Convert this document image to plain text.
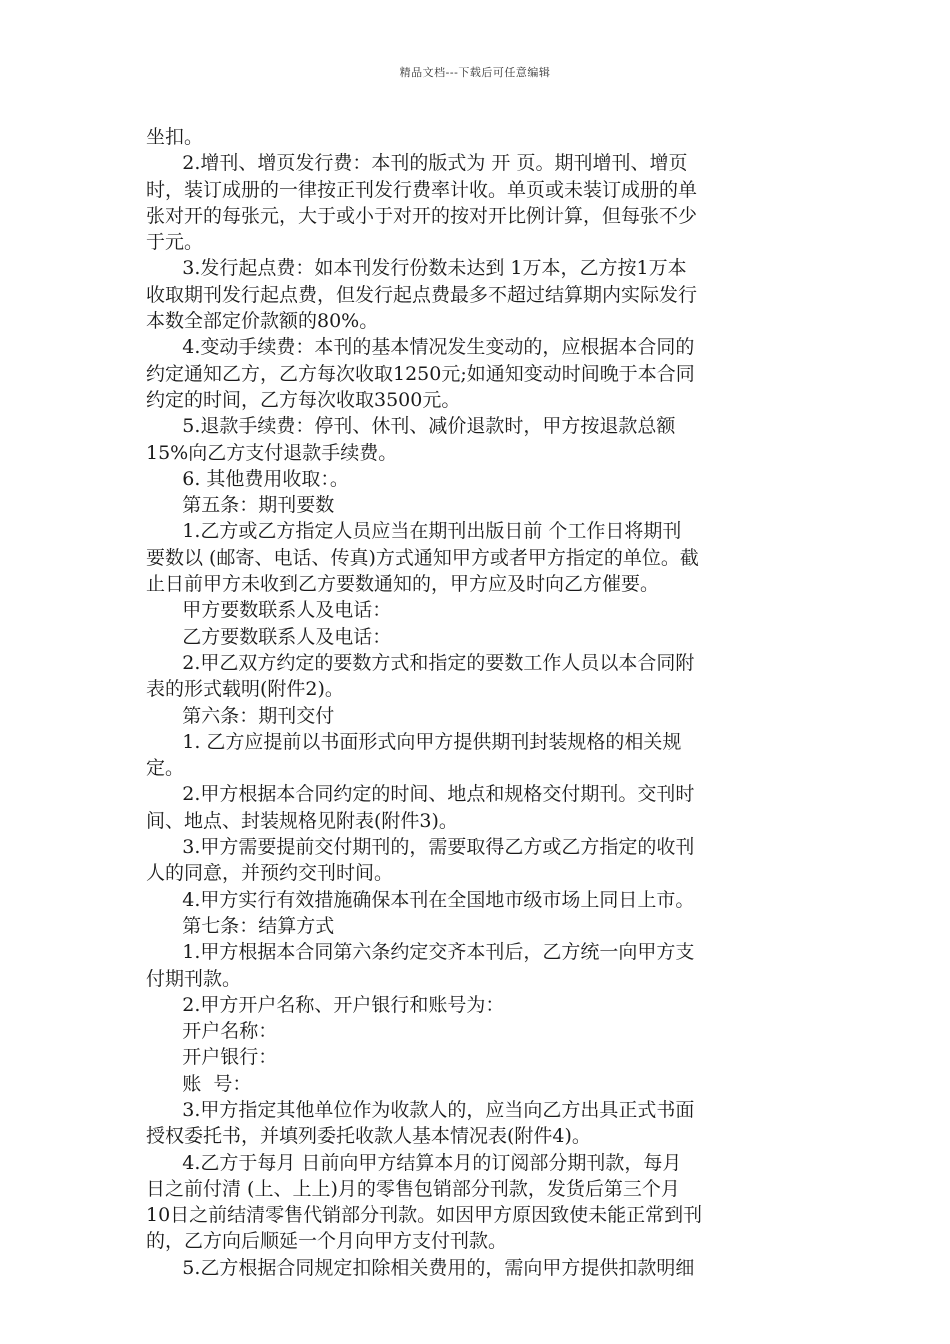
精品文档---下载后可任意编辑
坐扣。
2.增刊、增页发行费：本刊的版式为 开 页。期刊增刊、增页
时，装订成册的一律按正刊发行费率计收。单页或未装订成册的单
张对开的每张元，大于或小于对开的按对开比例计算，但每张不少
于元。
3.发行起点费：如本刊发行份数未达到 1万本，乙方按1万本
收取期刊发行起点费，但发行起点费最多不超过结算期内实际发行
本数全部定价款额的80%。
4.变动手续费：本刊的基本情况发生变动的，应根据本合同的
约定通知乙方，乙方每次收取1250元;如通知变动时间晚于本合同
约定的时间，乙方每次收取3500元。
5.退款手续费：停刊、休刊、减价退款时，甲方按退款总额
15%向乙方支付退款手续费。
6. 其他费用收取：。
第五条：期刊要数
1.乙方或乙方指定人员应当在期刊出版日前 个工作日将期刊
要数以 (邮寄、电话、传真)方式通知甲方或者甲方指定的单位。截
止日前甲方未收到乙方要数通知的，甲方应及时向乙方催要。
甲方要数联系人及电话：
乙方要数联系人及电话：
2.甲乙双方约定的要数方式和指定的要数工作人员以本合同附
表的形式载明(附件2)。
第六条：期刊交付
1. 乙方应提前以书面形式向甲方提供期刊封装规格的相关规
定。
2.甲方根据本合同约定的时间、地点和规格交付期刊。交刊时
间、地点、封装规格见附表(附件3)。
3.甲方需要提前交付期刊的，需要取得乙方或乙方指定的收刊
人的同意，并预约交刊时间。
4.甲方实行有效措施确保本刊在全国地市级市场上同日上市。
第七条：结算方式
1.甲方根据本合同第六条约定交齐本刊后，乙方统一向甲方支
付期刊款。
2.甲方开户名称、开户银行和账号为：
开户名称：
开户银行：
账  号：
3.甲方指定其他单位作为收款人的，应当向乙方出具正式书面
授权委托书，并填列委托收款人基本情况表(附件4)。
4.乙方于每月 日前向甲方结算本月的订阅部分期刊款，每月
日之前付清 (上、上上)月的零售包销部分刊款，发货后第三个月
10日之前结清零售代销部分刊款。如因甲方原因致使未能正常到刊
的，乙方向后顺延一个月向甲方支付刊款。
5.乙方根据合同规定扣除相关费用的，需向甲方提供扣款明细
